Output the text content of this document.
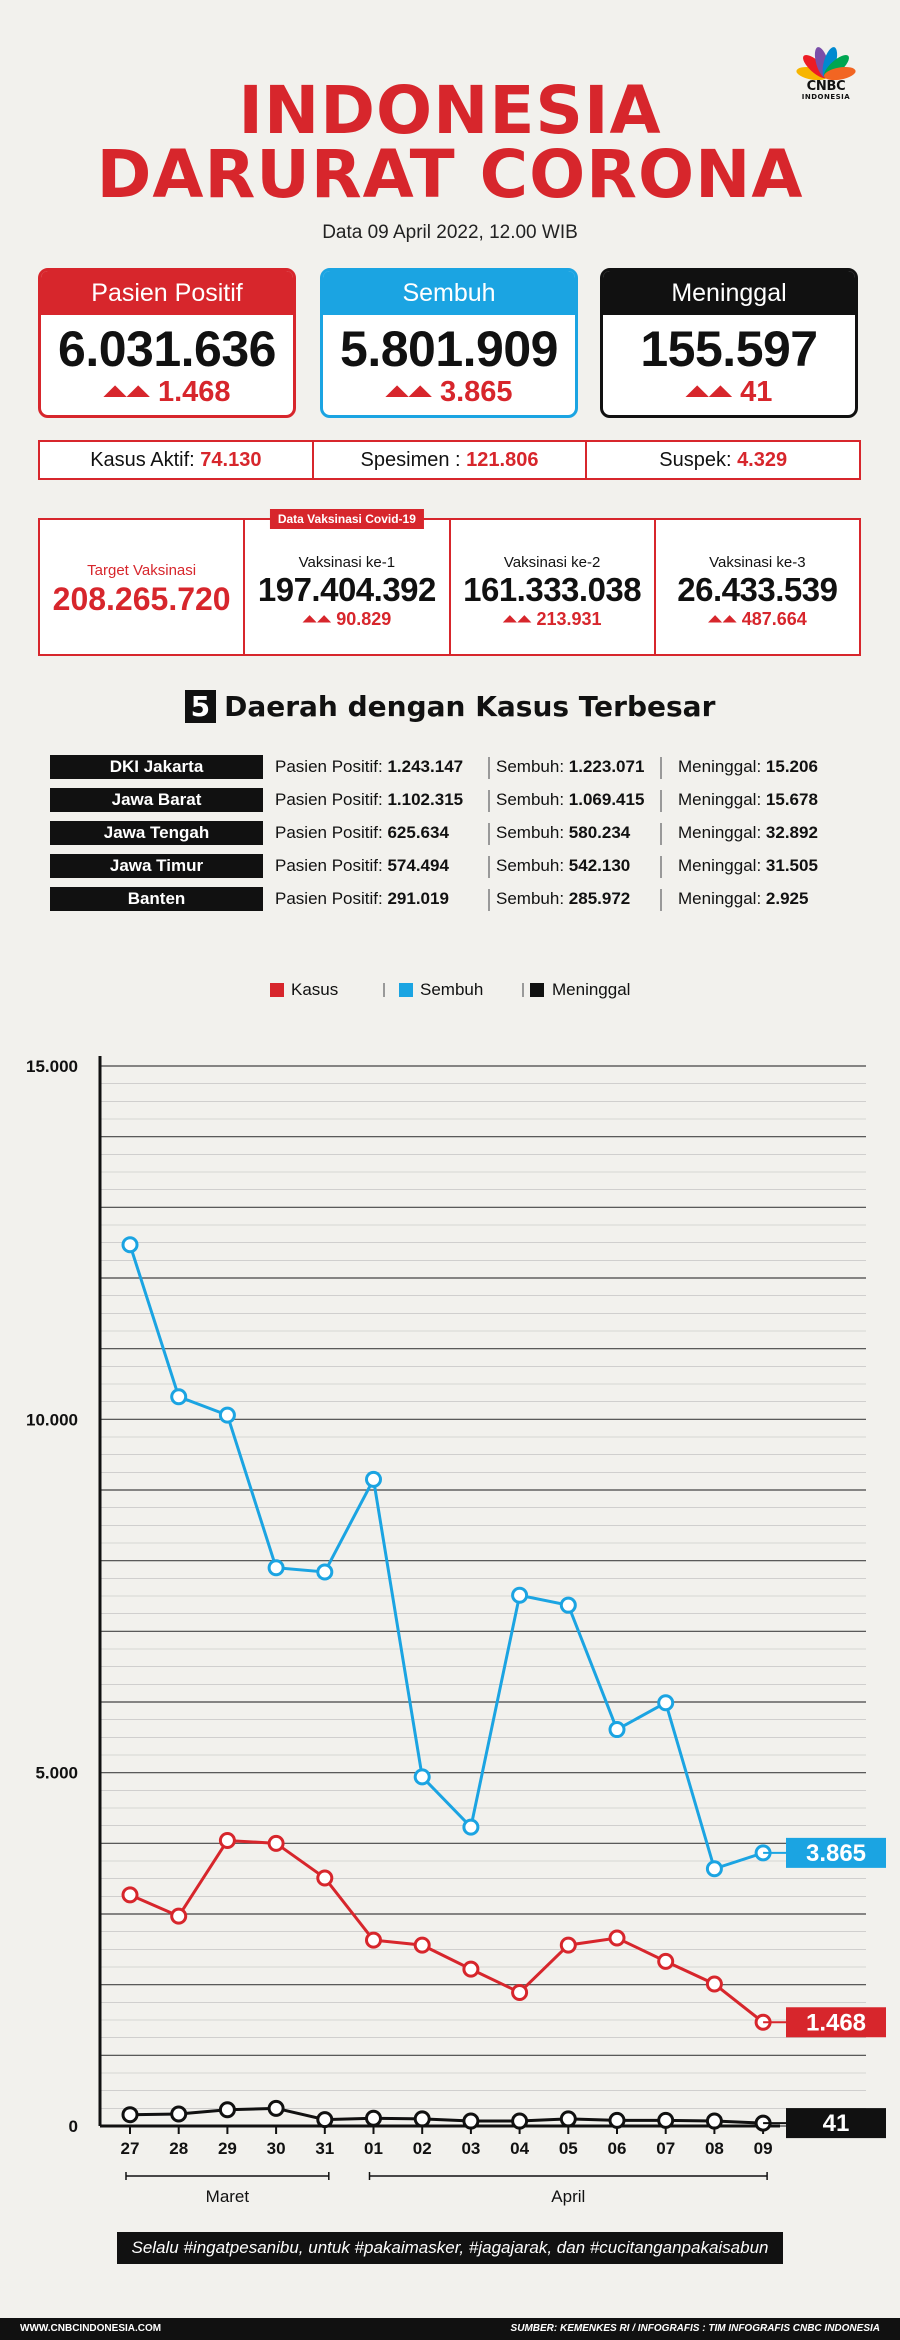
CNBC
INDONESIA
INDONESIA
DARURAT CORONA
Data 09 April 2022, 12.00 WIB
Pasien Positif
6.031.636
⏶⏶ 1.468
Sembuh
5.801.909
⏶⏶ 3.865
Meninggal
155.597
⏶⏶ 41
Kasus Aktif: 74.130	Spesimen : 121.806	Suspek: 4.329
Target Vaksinasi
208.265.720
Data Vaksinasi Covid-19
Vaksinasi ke-1
197.404.392
⏶⏶ 90.829
Vaksinasi ke-2
161.333.038
⏶⏶ 213.931
Vaksinasi ke-3
26.433.539
⏶⏶ 487.664
5 Daerah dengan Kasus Terbesar
DKI Jakarta	Pasien Positif: 1.243.147 Sembuh: 1.223.071 Meninggal: 15.206
Jawa Barat	Pasien Positif: 1.102.315 Sembuh: 1.069.415 Meninggal: 15.678
Jawa Tengah	Pasien Positif: 625.634	Sembuh: 580.234	Meninggal: 32.892
Jawa Timur	Pasien Positif: 574.494	Sembuh: 542.130	Meninggal: 31.505
Banten	Pasien Positif: 291.019	Sembuh: 285.972	Meninggal: 2.925
Kasus	Sembuh	Meninggal
0
5.000
10.000
15.000
27 28 29 30 31 01 02 03 04 05 06 07 08 09
Maret	April
1.468
3.865
41
Selalu #ingatpesanibu, untuk #pakaimasker, #jagajarak, dan #cucitanganpakaisabun
WWW.CNBCINDONESIA.COM	SUMBER: KEMENKES RI / INFOGRAFIS : TIM INFOGRAFIS CNBC INDONESIA
